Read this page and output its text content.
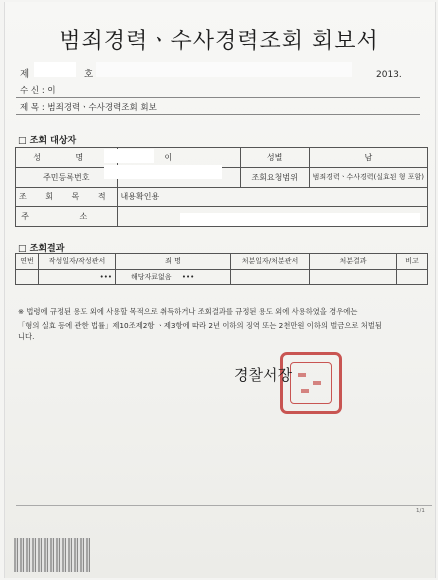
범죄경력ㆍ수사경력조회 회보서
제	호	2013.
수 신 : 이
제 목 : 범죄경력ㆍ수사경력조회 회보
□ 조회 대상자
성 명	이	성별	남
주민등록번호		조회요청범위	범죄경력ㆍ수사경력(실효된 형 포함)
조 회 목 적	내용확인용		
주 소			
□ 조회결과
연번	작성일자/작성관서	죄 명	처분일자/처분관서	처분결과	비고
	•••	해당자료없음 •••			
※ 법령에 규정된 용도 외에 사용할 목적으로 취득하거나 조회결과를 규정된 용도 외에 사용하였을 경우에는
「형의 실효 등에 관한 법률」제10조제2항 ㆍ제3항에 따라 2년 이하의 징역 또는 2천만원 이하의 벌금으로 처벌됨
니다.
경찰서장
1/1
